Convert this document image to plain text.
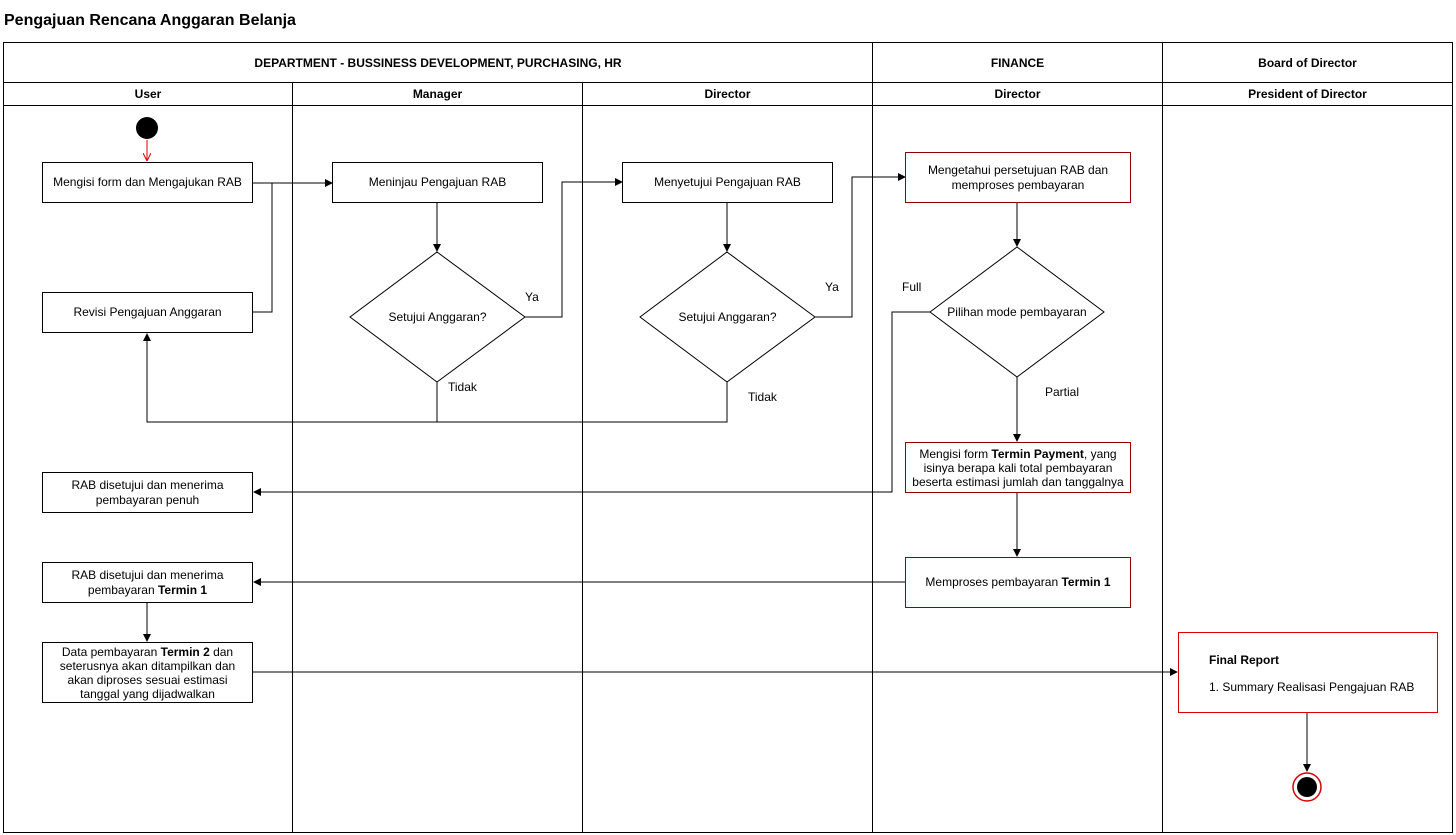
Pengajuan Rencana Anggaran Belanja
DEPARTMENT - BUSSINESS DEVELOPMENT, PURCHASING, HR	FINANCE	Board of Director
User	Manager	Director	Director	President of Director
Mengisi form dan Mengajukan RAB
Revisi Pengajuan Anggaran
RAB disetujui dan menerima pembayaran penuh
RAB disetujui dan menerima pembayaran Termin 1
Data pembayaran Termin 2 dan seterusnya akan ditampilkan dan akan diproses sesuai estimasi tanggal yang dijadwalkan
Meninjau Pengajuan RAB
Setujui Anggaran?
Ya
Tidak
Menyetujui Pengajuan RAB
Setujui Anggaran?
Ya
Tidak
Mengetahui persetujuan RAB dan memproses pembayaran
Pilihan mode pembayaran
Full
Partial
Mengisi form Termin Payment, yang isinya berapa kali total pembayaran beserta estimasi jumlah dan tanggalnya
Memproses pembayaran Termin 1
Final Report
1. Summary Realisasi Pengajuan RAB
